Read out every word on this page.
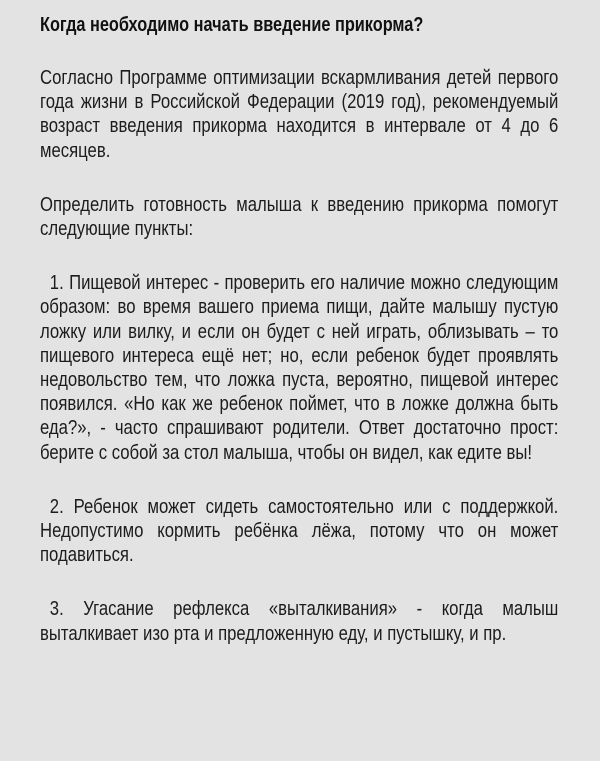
Когда необходимо начать введение прикорма?

Согласно Программе оптимизации вскармливания детей первого года жизни в Российской Федерации (2019 год), рекомендуемый возраст введения прикорма находится в интервале от 4 до 6 месяцев.

Определить готовность малыша к введению прикорма помогут следующие пункты:

1. Пищевой интерес - проверить его наличие можно следующим образом: во время вашего приема пищи, дайте малышу пустую ложку или вилку, и если он будет с ней играть, облизывать – то пищевого интереса ещё нет; но, если ребенок будет проявлять недовольство тем, что ложка пуста, вероятно, пищевой интерес появился. «Но как же ребенок поймет, что в ложке должна быть еда?», - часто спрашивают родители. Ответ достаточно прост: берите с собой за стол малыша, чтобы он видел, как едите вы!

2. Ребенок может сидеть самостоятельно или с поддержкой. Недопустимо кормить ребёнка лёжа, потому что он может подавиться.

3. Угасание рефлекса «выталкивания» - когда малыш выталкивает изо рта и предложенную еду, и пустышку, и пр.
